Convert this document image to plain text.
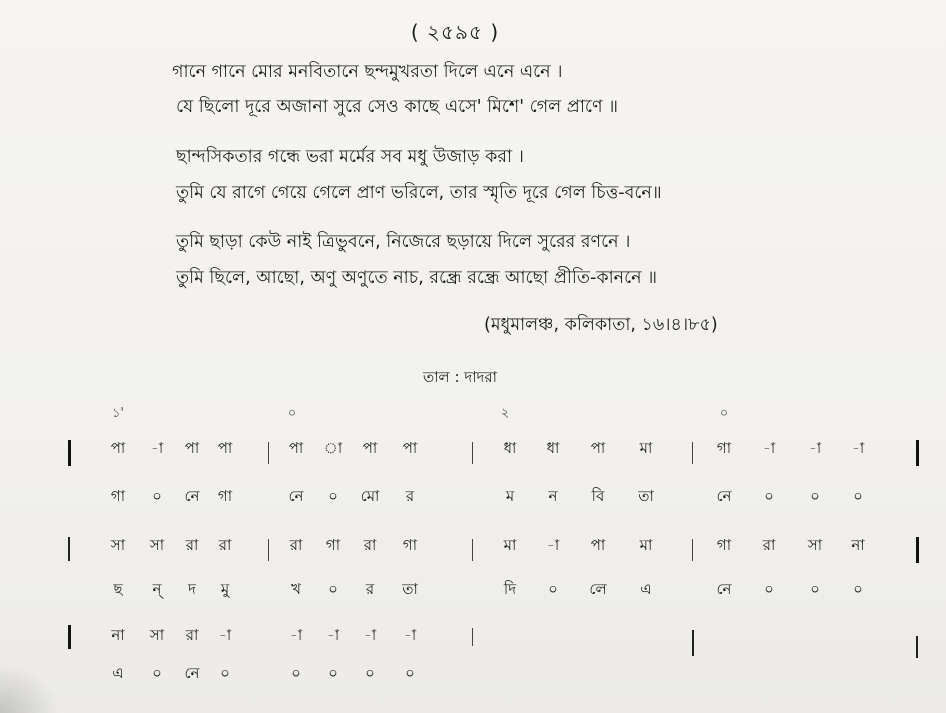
( ২৫৯৫ )
গানে গানে মোর মনবিতানে ছন্দমুখরতা দিলে এনে এনে ।
যে ছিলো দূরে অজানা সুরে সেও কাছে এসে' মিশে' গেল প্রাণে ॥
ছান্দসিকতার গন্ধে ভরা মর্মের সব মধু উজাড় করা ।
তুমি যে রাগে গেয়ে গেলে প্রাণ ভরিলে, তার স্মৃতি দূরে গেল চিত্ত-বনে॥
তুমি ছাড়া কেউ নাই ত্রিভুবনে, নিজেরে ছড়ায়ে দিলে সুরের রণনে ।
তুমি ছিলে, আছো, অণু অণুতে নাচ, রন্ধ্রে রন্ধ্রে আছো প্রীতি-কাননে ॥
(মধুমালঞ্চ, কলিকাতা, ১৬।৪।৮৫)
তাল : দাদরা
১'	০	২	০
পা -া পা পা	পা া পা পা	ধা ধা পা মা	গা -া -া -া
গা ০ নে গা	নে ০ মো র	ম ন বি তা	নে ০ ০ ০
সা সা রা রা	রা গা রা গা	মা -া পা মা	গা রা সা না
ছ ন্ দ মু	খ ০ র তা	দি ০ লে এ	নে ০ ০ ০
না সা রা -া	-া -া -া -া
এ ০ নে ০	০ ০ ০ ০
